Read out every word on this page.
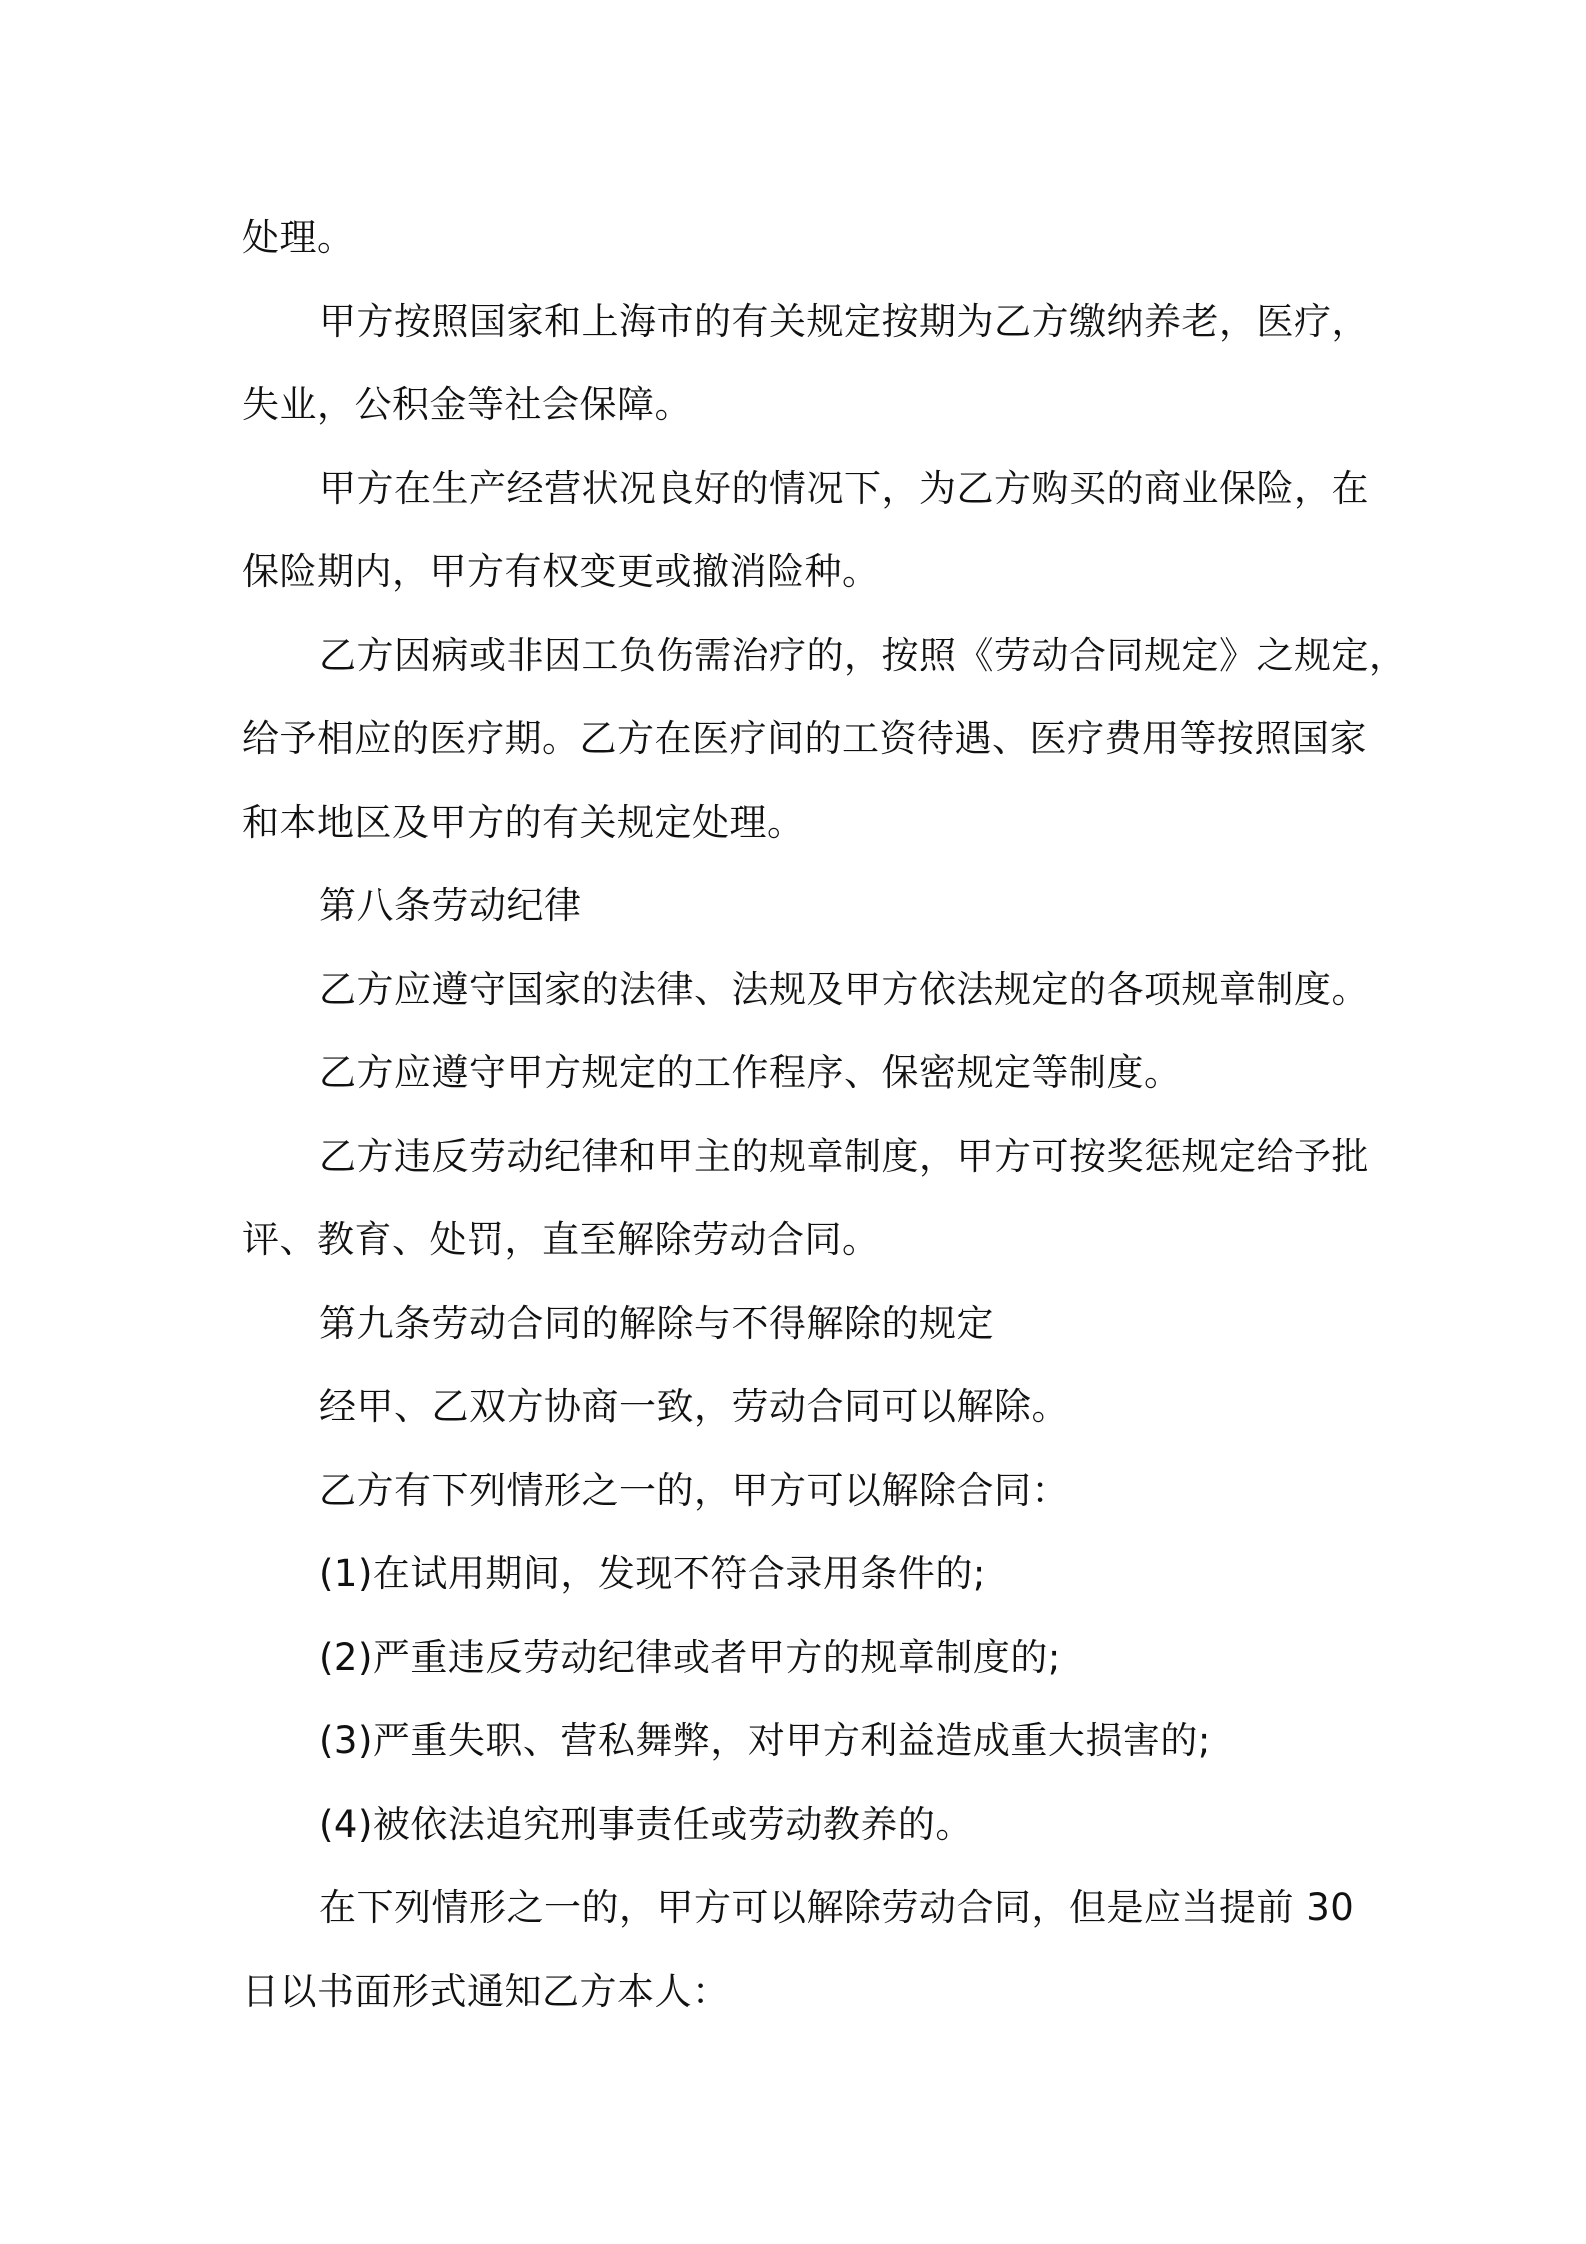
处理。

甲方按照国家和上海市的有关规定按期为乙方缴纳养老，医疗，

失业，公积金等社会保障。

甲方在生产经营状况良好的情况下，为乙方购买的商业保险，在

保险期内，甲方有权变更或撤消险种。

乙方因病或非因工负伤需治疗的，按照《劳动合同规定》之规定，

给予相应的医疗期。乙方在医疗间的工资待遇、医疗费用等按照国家

和本地区及甲方的有关规定处理。

第八条劳动纪律

乙方应遵守国家的法律、法规及甲方依法规定的各项规章制度。

乙方应遵守甲方规定的工作程序、保密规定等制度。

乙方违反劳动纪律和甲主的规章制度，甲方可按奖惩规定给予批

评、教育、处罚，直至解除劳动合同。

第九条劳动合同的解除与不得解除的规定

经甲、乙双方协商一致，劳动合同可以解除。

乙方有下列情形之一的，甲方可以解除合同：

(1)在试用期间，发现不符合录用条件的;

(2)严重违反劳动纪律或者甲方的规章制度的;

(3)严重失职、营私舞弊，对甲方利益造成重大损害的;

(4)被依法追究刑事责任或劳动教养的。

在下列情形之一的，甲方可以解除劳动合同，但是应当提前 30

日以书面形式通知乙方本人：
